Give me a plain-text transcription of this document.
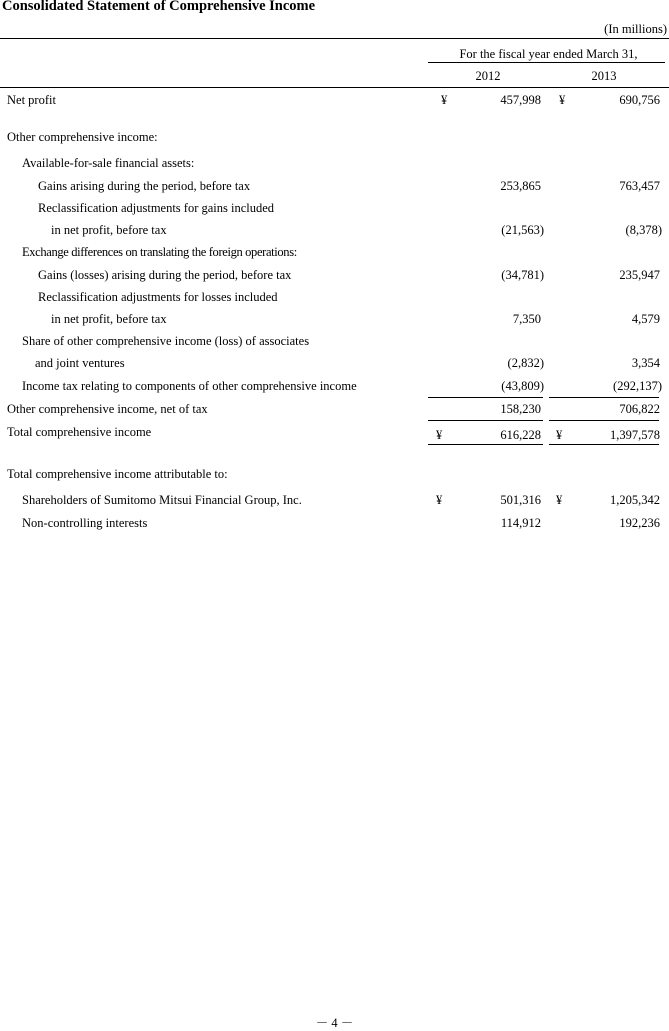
Consolidated Statement of Comprehensive Income
(In millions)
For the fiscal year ended March 31,
2012	2013
Net profit	¥	457,998 ¥	690,756
Other comprehensive income:
Available-for-sale financial assets:
Gains arising during the period, before tax	253,865	763,457
Reclassification adjustments for gains included
in net profit, before tax	(21,563)	(8,378)
Exchange differences on translating the foreign operations:
Gains (losses) arising during the period, before tax	(34,781)	235,947
Reclassification adjustments for losses included
in net profit, before tax	7,350	4,579
Share of other comprehensive income (loss) of associates
and joint ventures	(2,832)	3,354
Income tax relating to components of other comprehensive income	(43,809)	(292,137)
Other comprehensive income, net of tax	158,230	706,822
Total comprehensive income	¥	616,228 ¥	1,397,578
Total comprehensive income attributable to:
Shareholders of Sumitomo Mitsui Financial Group, Inc.	¥	501,316 ¥	1,205,342
Non-controlling interests	114,912	192,236
－ 4 －
